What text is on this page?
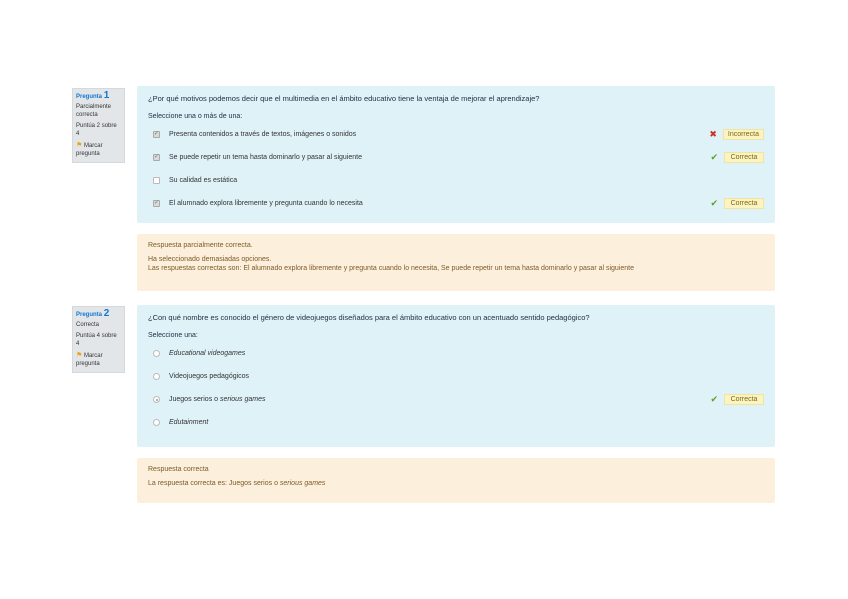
Pregunta 1
Parcialmente correcta
Puntúa 2 sobre 4
⚑ Marcar pregunta
¿Por qué motivos podemos decir que el multimedia en el ámbito educativo tiene la ventaja de mejorar el aprendizaje?
Seleccione una o más de una:
✓ Presenta contenidos a través de textos, imágenes o sonidos	✖	Incorrecta
✓ Se puede repetir un tema hasta dominarlo y pasar al siguiente	✔	Correcta
Su calidad es estática
✓ El alumnado explora libremente y pregunta cuando lo necesita	✔	Correcta
Respuesta parcialmente correcta.
Ha seleccionado demasiadas opciones.
Las respuestas correctas son: El alumnado explora libremente y pregunta cuando lo necesita, Se puede repetir un tema hasta dominarlo y pasar al siguiente
Pregunta 2
Correcta
Puntúa 4 sobre 4
⚑ Marcar pregunta
¿Con qué nombre es conocido el género de videojuegos diseñados para el ámbito educativo con un acentuado sentido pedagógico?
Seleccione una:
Educational videogames
Videojuegos pedagógicos
Juegos serios o serious games	✔	Correcta
Edutainment
Respuesta correcta
La respuesta correcta es: Juegos serios o serious games
